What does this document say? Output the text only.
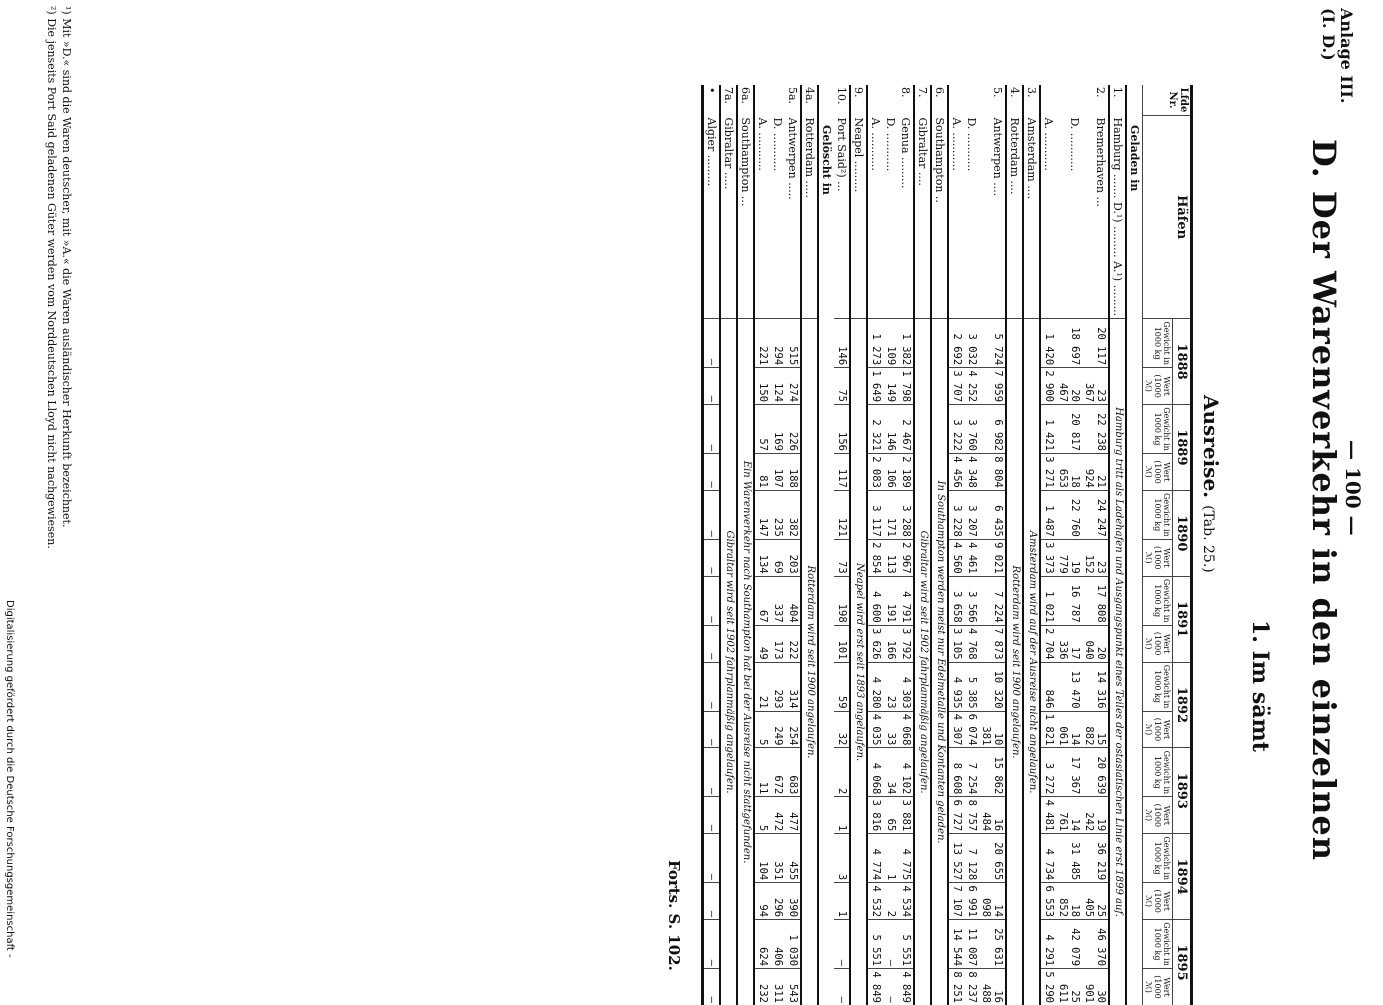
Anlage III.
(I. D.)
— 100 —
D. Der Warenverkehr in den einzelnen
1. Im sämt
Ausreise. (Tab. 25.)
Lfde Nr.	Häfen	1888		1889		1890		1891		1892		1893		1894		1895	
		Gewicht in 1000 kg	Wert (1000 ℳ)	Gewicht in 1000 kg	Wert (1000 ℳ)	Gewicht in 1000 kg	Wert (1000 ℳ)	Gewicht in 1000 kg	Wert (1000 ℳ)	Gewicht in 1000 kg	Wert (1000 ℳ)	Gewicht in 1000 kg	Wert (1000 ℳ)	Gewicht in 1000 kg	Wert (1000 ℳ)	Gewicht in 1000 kg	Wert (1000 ℳ)
Geladen in																	
1.	Hamburg ....... D.¹) ......... A.¹) .........	Hamburg tritt als Ladehafen und Ausgangspunkt eines Teiles der ostasiatischen Linie erst 1899 auf.															
2.	Bremerhaven ...	20 117	23 367	22 238	21 924	24 247	23 152	17 808	20 040	14 316	15 882	20 639	19 242	36 219	25 405	46 370	30 901
	D. ...........	18 697	20 467	20 817	18 653	22 760	19 779	16 787	17 336	13 470	14 061	17 367	14 761	31 485	18 852	42 079	25 611
	A. ...........	1 420	2 900	1 421	3 271	1 487	3 373	1 021	2 704	846	1 821	3 272	4 481	4 734	6 553	4 291	5 290
3.	Amsterdam ....	Amsterdam wird auf der Ausreise nicht angelaufen.															
4.	Rotterdam ....	Rotterdam wird seit 1900 angelaufen.															
5.	Antwerpen ....	5 724	7 959	6 982	8 804	6 435	9 021	7 224	7 873	10 320	10 381	15 862	16 484	20 655	14 098	25 631	16 488
	D. ...........	3 032	4 252	3 760	4 348	3 207	4 461	3 566	4 768	5 385	6 074	7 254	8 757	7 128	6 991	11 087	8 237
	A. ...........	2 692	3 707	3 222	4 456	3 228	4 560	3 658	3 105	4 935	4 307	8 608	6 727	13 527	7 107	14 544	8 251
6.	Southampton ..	In Southampton werden meist nur Edelmetalle und Kontanten geladen.															
7.	Gibraltar ....	Gibraltar wird seit 1902 fahrplanmäßig angelaufen.															
8.	Genua .........	1 382	1 798	2 467	2 189	3 288	2 967	4 791	3 792	4 303	4 068	4 102	3 881	4 775	4 534	5 551	4 849
	D. ...........	109	149	146	106	171	113	191	166	23	33	34	65	1	2	—	—
	A. ...........	1 273	1 649	2 321	2 083	3 117	2 854	4 600	3 626	4 280	4 035	4 068	3 816	4 774	4 532	5 551	4 849
9.	Neapel .........	Neapel wird erst seit 1893 angelaufen.															
10.	Port Said²) ...	146	75	156	117	121	73	198	101	59	32	2	1	3	1	—	—
Gelöscht in																	
4a.	Rotterdam .....	Rotterdam wird seit 1900 angelaufen.															
5a.	Antwerpen .....	515	274	226	188	382	203	404	222	314	254	683	477	455	390	1 030	543
	D. ...........	294	124	169	107	235	69	337	173	293	249	672	472	351	296	406	311
	A. ...........	221	150	57	81	147	134	67	49	21	5	11	5	104	94	624	232
6a.	Southampton ...	Ein Warenverkehr nach Southampton hat bei der Ausreise nicht stattgefunden.															
7a.	Gibraltar .....	Gibraltar wird seit 1902 fahrplanmäßig angelaufen.															
•	Algier .........	—	—	—	—	—	—	—	—	—	—	—	—	—	—	—	—
Forts. S. 102.
¹) Mit »D.« sind die Waren deutscher, mit »A.« die Waren ausländischer Herkunft bezeichnet.
²) Die jenseits Port Said geladenen Güter werden vom Norddeutschen Lloyd nicht nachgewiesen.
Digitalisierung gefördert durch die Deutsche Forschungsgemeinschaft -
